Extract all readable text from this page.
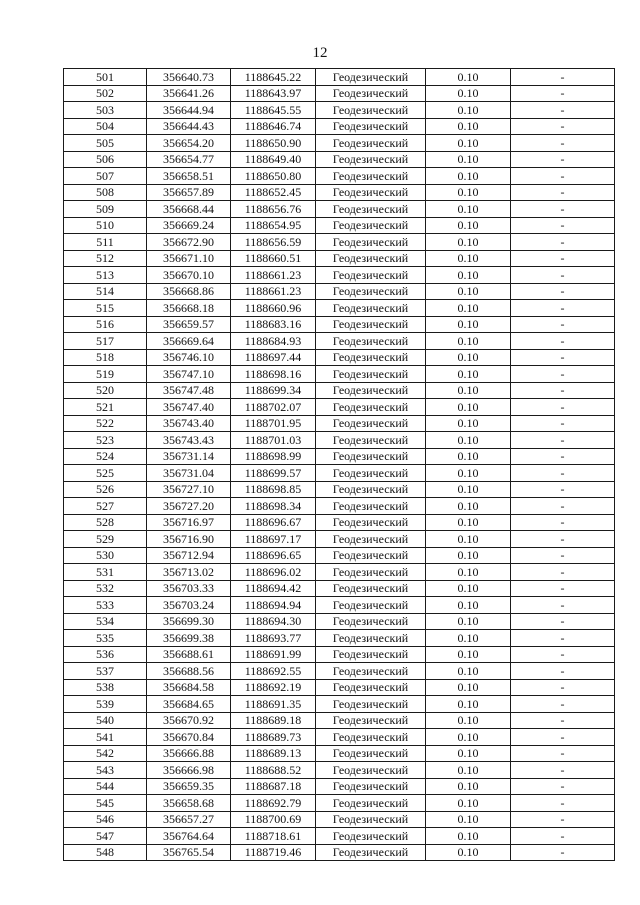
12
501	356640.73	1188645.22	Геодезический	0.10	-
502	356641.26	1188643.97	Геодезический	0.10	-
503	356644.94	1188645.55	Геодезический	0.10	-
504	356644.43	1188646.74	Геодезический	0.10	-
505	356654.20	1188650.90	Геодезический	0.10	-
506	356654.77	1188649.40	Геодезический	0.10	-
507	356658.51	1188650.80	Геодезический	0.10	-
508	356657.89	1188652.45	Геодезический	0.10	-
509	356668.44	1188656.76	Геодезический	0.10	-
510	356669.24	1188654.95	Геодезический	0.10	-
511	356672.90	1188656.59	Геодезический	0.10	-
512	356671.10	1188660.51	Геодезический	0.10	-
513	356670.10	1188661.23	Геодезический	0.10	-
514	356668.86	1188661.23	Геодезический	0.10	-
515	356668.18	1188660.96	Геодезический	0.10	-
516	356659.57	1188683.16	Геодезический	0.10	-
517	356669.64	1188684.93	Геодезический	0.10	-
518	356746.10	1188697.44	Геодезический	0.10	-
519	356747.10	1188698.16	Геодезический	0.10	-
520	356747.48	1188699.34	Геодезический	0.10	-
521	356747.40	1188702.07	Геодезический	0.10	-
522	356743.40	1188701.95	Геодезический	0.10	-
523	356743.43	1188701.03	Геодезический	0.10	-
524	356731.14	1188698.99	Геодезический	0.10	-
525	356731.04	1188699.57	Геодезический	0.10	-
526	356727.10	1188698.85	Геодезический	0.10	-
527	356727.20	1188698.34	Геодезический	0.10	-
528	356716.97	1188696.67	Геодезический	0.10	-
529	356716.90	1188697.17	Геодезический	0.10	-
530	356712.94	1188696.65	Геодезический	0.10	-
531	356713.02	1188696.02	Геодезический	0.10	-
532	356703.33	1188694.42	Геодезический	0.10	-
533	356703.24	1188694.94	Геодезический	0.10	-
534	356699.30	1188694.30	Геодезический	0.10	-
535	356699.38	1188693.77	Геодезический	0.10	-
536	356688.61	1188691.99	Геодезический	0.10	-
537	356688.56	1188692.55	Геодезический	0.10	-
538	356684.58	1188692.19	Геодезический	0.10	-
539	356684.65	1188691.35	Геодезический	0.10	-
540	356670.92	1188689.18	Геодезический	0.10	-
541	356670.84	1188689.73	Геодезический	0.10	-
542	356666.88	1188689.13	Геодезический	0.10	-
543	356666.98	1188688.52	Геодезический	0.10	-
544	356659.35	1188687.18	Геодезический	0.10	-
545	356658.68	1188692.79	Геодезический	0.10	-
546	356657.27	1188700.69	Геодезический	0.10	-
547	356764.64	1188718.61	Геодезический	0.10	-
548	356765.54	1188719.46	Геодезический	0.10	-
